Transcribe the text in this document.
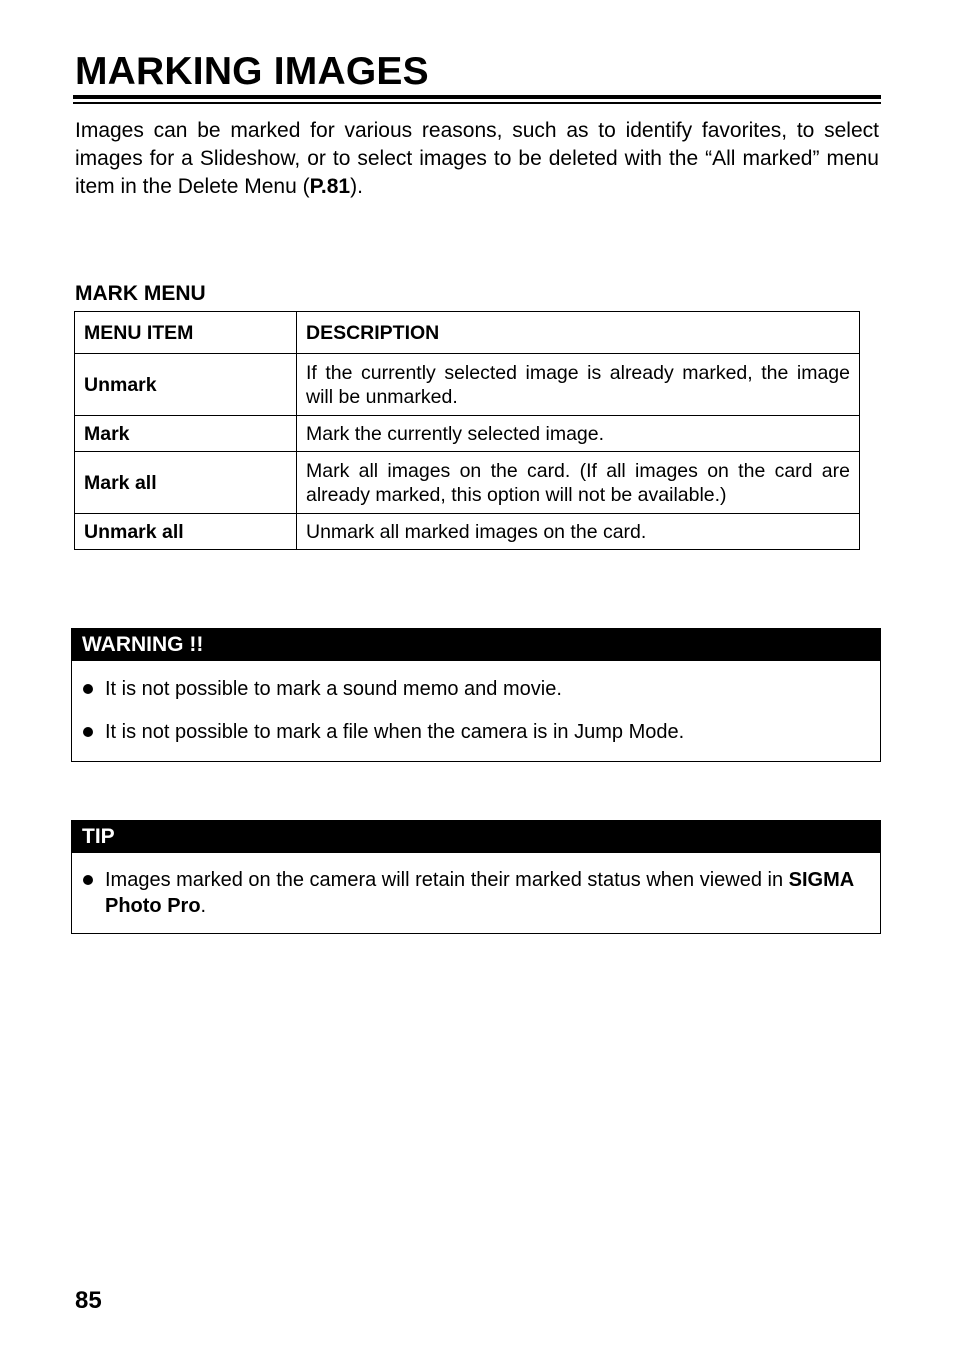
MARKING IMAGES

Images can be marked for various reasons, such as to identify favorites, to select images for a Slideshow, or to select images to be deleted with the “All marked” menu item in the Delete Menu (P.81).

MARK MENU
MENU ITEM	DESCRIPTION
Unmark	If the currently selected image is already marked, the image will be unmarked.
Mark	Mark the currently selected image.
Mark all	Mark all images on the card. (If all images on the card are already marked, this option will not be available.)
Unmark all	Unmark all marked images on the card.
WARNING !!
It is not possible to mark a sound memo and movie.
It is not possible to mark a file when the camera is in Jump Mode.
TIP
Images marked on the camera will retain their marked status when viewed in SIGMA Photo Pro.
85
